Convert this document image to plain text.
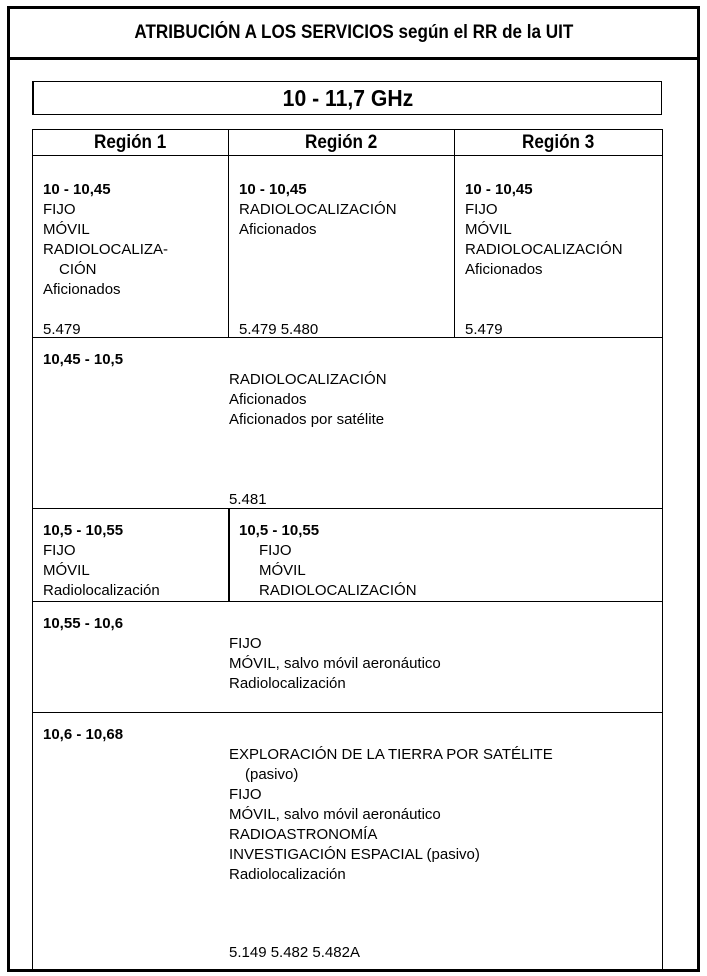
ATRIBUCIÓN A LOS SERVICIOS según el RR de la UIT
10 - 11,7 GHz
Región 1	Región 2	Región 3
10 - 10,45
FIJO
MÓVIL
RADIOLOCALIZA-
CIÓN
Aficionados
5.479
10 - 10,45
RADIOLOCALIZACIÓN
Aficionados
5.479 5.480
10 - 10,45
FIJO
MÓVIL
RADIOLOCALIZACIÓN
Aficionados
5.479
10,45 - 10,5
RADIOLOCALIZACIÓN
Aficionados
Aficionados por satélite
5.481
10,5 - 10,55
FIJO
MÓVIL
Radiolocalización
10,5 - 10,55
FIJO
MÓVIL
RADIOLOCALIZACIÓN
10,55 - 10,6
FIJO
MÓVIL, salvo móvil aeronáutico
Radiolocalización
10,6 - 10,68
EXPLORACIÓN DE LA TIERRA POR SATÉLITE
(pasivo)
FIJO
MÓVIL, salvo móvil aeronáutico
RADIOASTRONOMÍA
INVESTIGACIÓN ESPACIAL (pasivo)
Radiolocalización
5.149 5.482 5.482A
